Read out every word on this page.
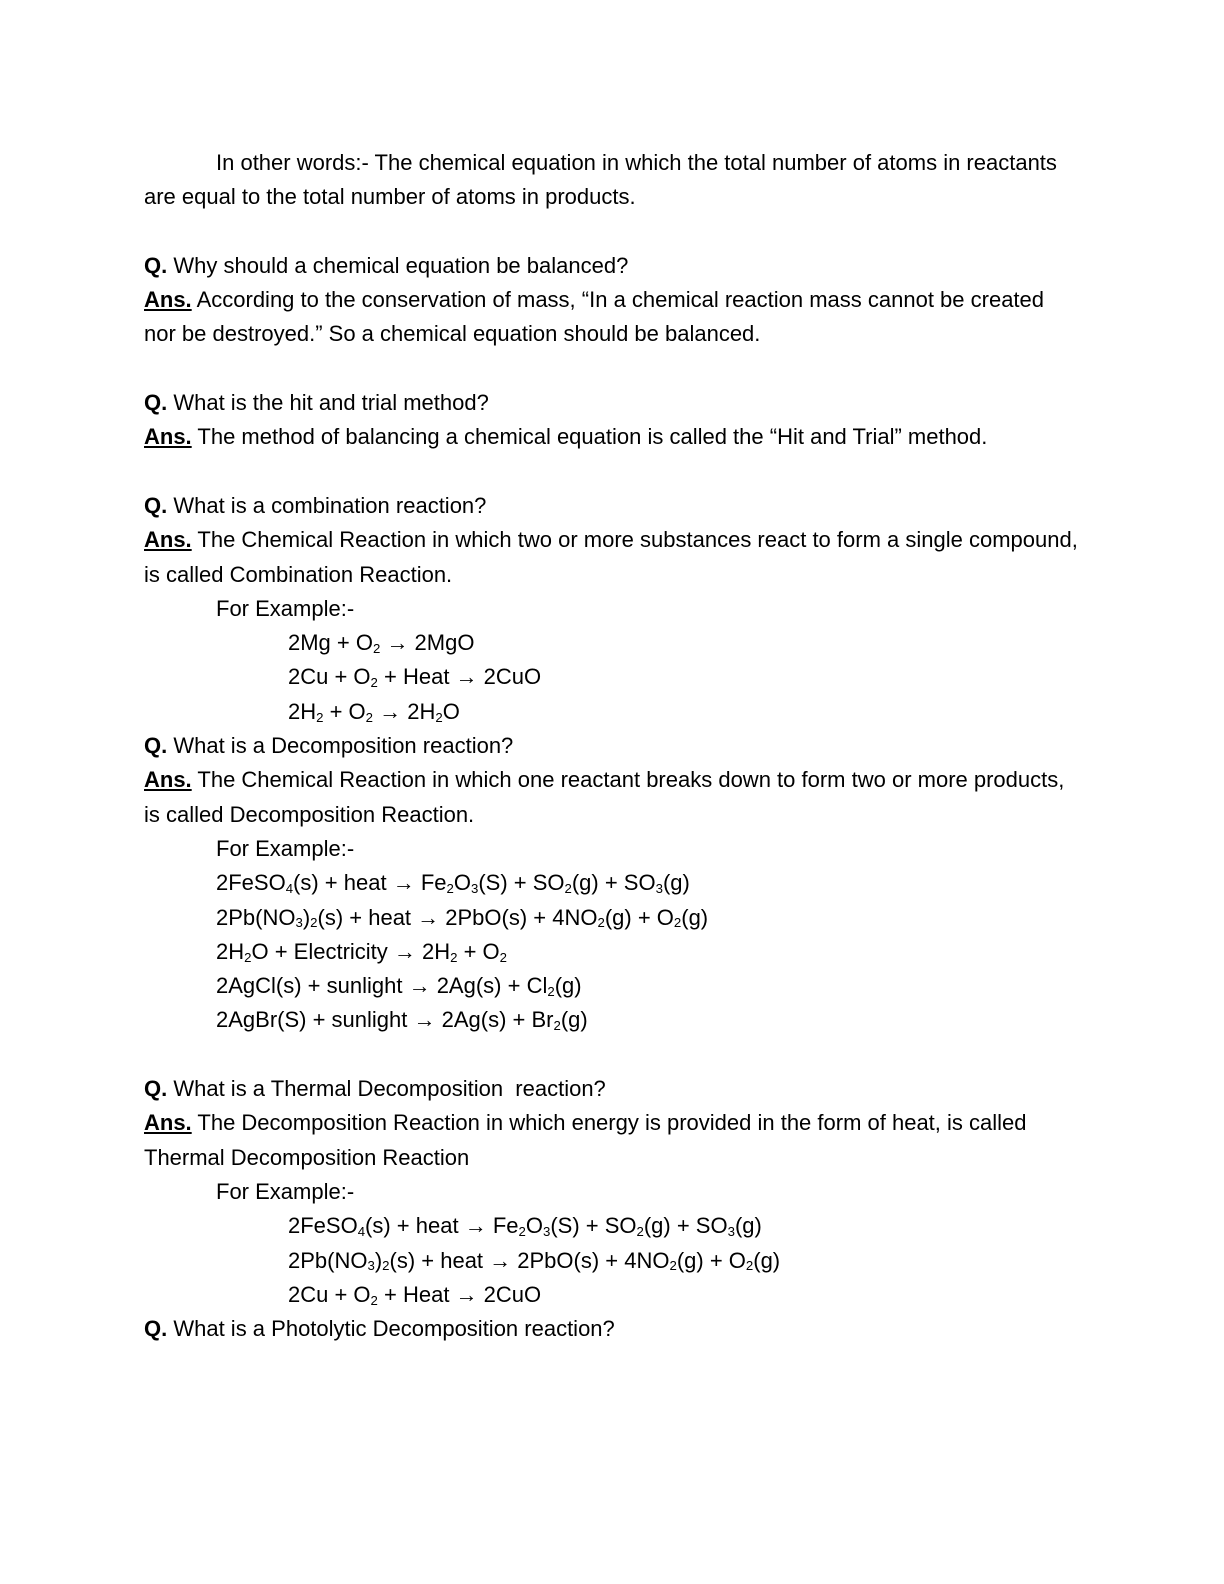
In other words:- The chemical equation in which the total number of atoms in reactants are equal to the total number of atoms in products.

Q. Why should a chemical equation be balanced?
Ans. According to the conservation of mass, “In a chemical reaction mass cannot be created nor be destroyed.” So a chemical equation should be balanced.

Q. What is the hit and trial method?
Ans. The method of balancing a chemical equation is called the “Hit and Trial” method.

Q. What is a combination reaction?
Ans. The Chemical Reaction in which two or more substances react to form a single compound, is called Combination Reaction.
For Example:-
$2Mg + O_2 \to 2MgO$
$2Cu + O_2$ + Heat → 2CuO
$2H_2 + O_2 \to 2H_2O$
Q. What is a Decomposition reaction?
Ans. The Chemical Reaction in which one reactant breaks down to form two or more products, is called Decomposition Reaction.
For Example:-
2FeSO$_4$(s) + heat → $Fe_2O_3(S) + SO_2(g) + SO_3(g)$
$2Pb(NO_3)_2(s)$ + heat → $2PbO(s) + 4NO_2(g) + O_2(g)$
$2H_2O$ + Electricity → $2H_2 + O_2$
2AgCl(s) + sunlight → $2Ag(s) + Cl_2(g)$
2AgBr(S) + sunlight → $2Ag(s) + Br_2(g)$

Q. What is a Thermal Decomposition  reaction?
Ans. The Decomposition Reaction in which energy is provided in the form of heat, is called Thermal Decomposition Reaction
For Example:-
2FeSO$_4$(s) + heat → $Fe_2O_3(S) + SO_2(g) + SO_3(g)$
$2Pb(NO_3)_2(s)$ + heat → $2PbO(s) + 4NO_2(g) + O_2(g)$
$2Cu + O_2$ + Heat → 2CuO
Q. What is a Photolytic Decomposition reaction?
